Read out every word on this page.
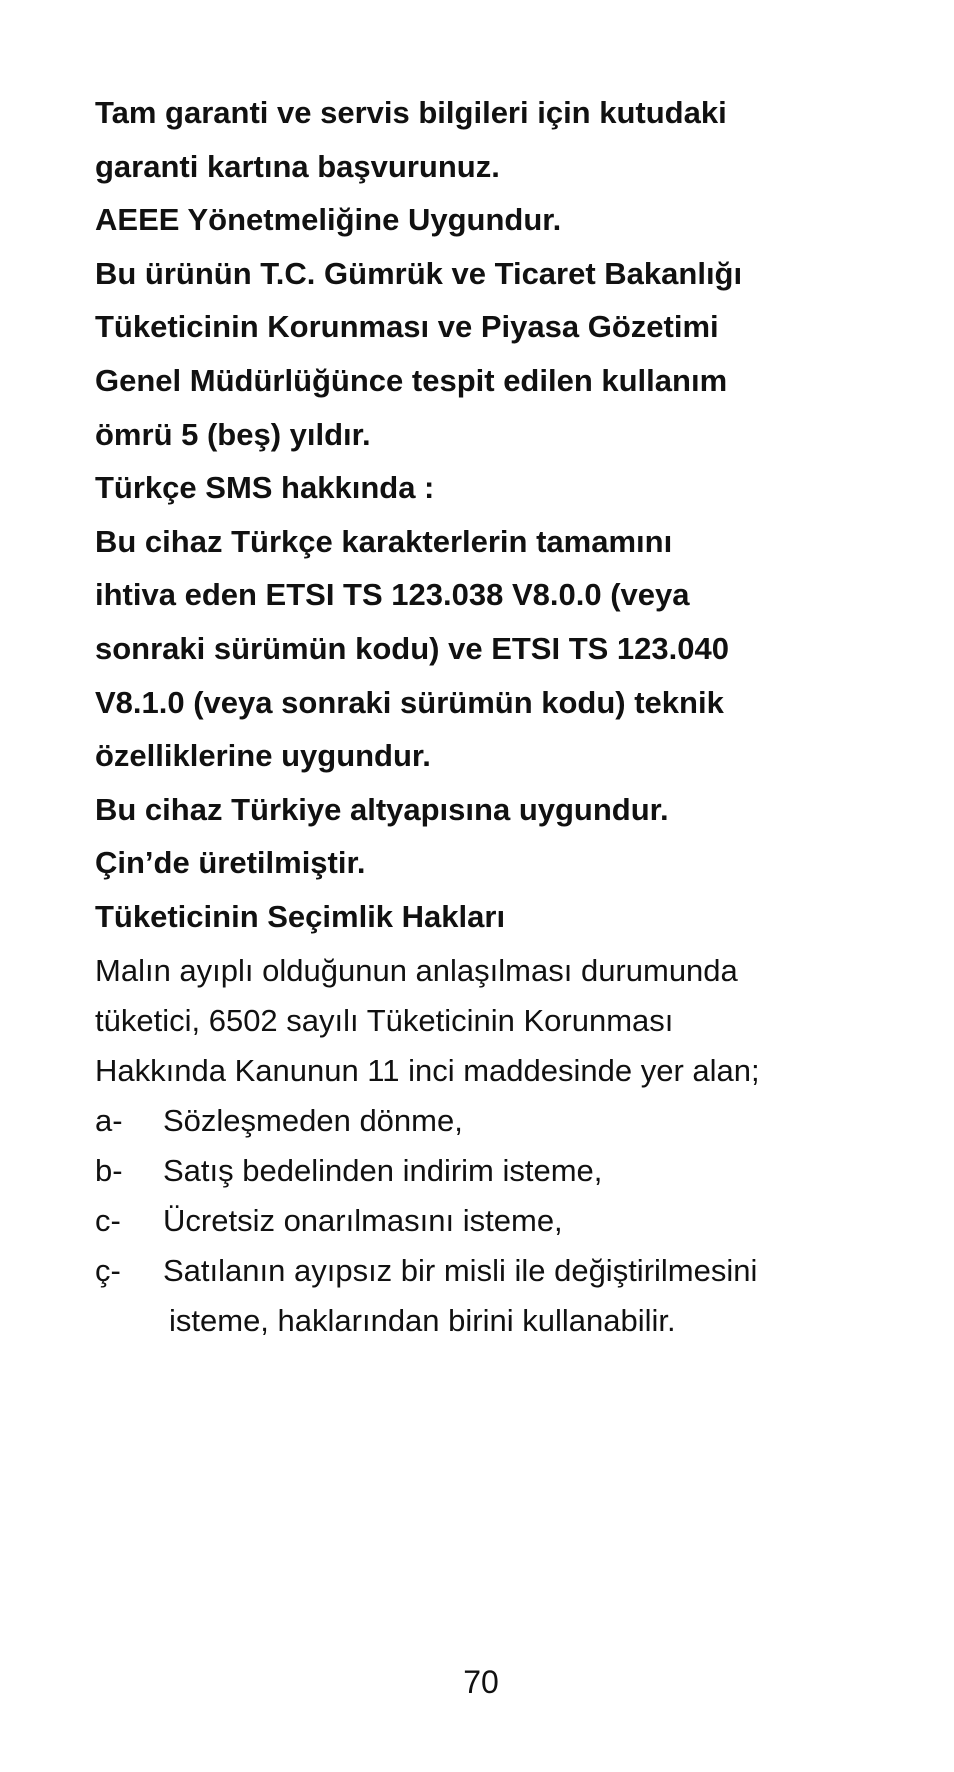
Tam garanti ve servis bilgileri için kutudaki
garanti kartına başvurunuz.
AEEE Yönetmeliğine Uygundur.
Bu ürünün T.C. Gümrük ve Ticaret Bakanlığı
Tüketicinin Korunması ve Piyasa Gözetimi
Genel Müdürlüğünce tespit edilen kullanım
ömrü 5 (beş) yıldır.
Türkçe SMS hakkında :
Bu cihaz Türkçe karakterlerin tamamını
ihtiva eden ETSI TS 123.038 V8.0.0 (veya
sonraki sürümün kodu) ve ETSI TS 123.040
V8.1.0 (veya sonraki sürümün kodu) teknik
özelliklerine uygundur.
Bu cihaz Türkiye altyapısına uygundur.
Çin’de üretilmiştir.
Tüketicinin Seçimlik Hakları
Malın ayıplı olduğunun anlaşılması durumunda
tüketici, 6502 sayılı Tüketicinin Korunması
Hakkında Kanunun 11 inci maddesinde yer alan;
a-	Sözleşmeden dönme,
b-	Satış bedelinden indirim isteme,
c-	Ücretsiz onarılmasını isteme,
ç-	Satılanın ayıpsız bir misli ile değiştirilmesini
isteme, haklarından birini kullanabilir.
70
